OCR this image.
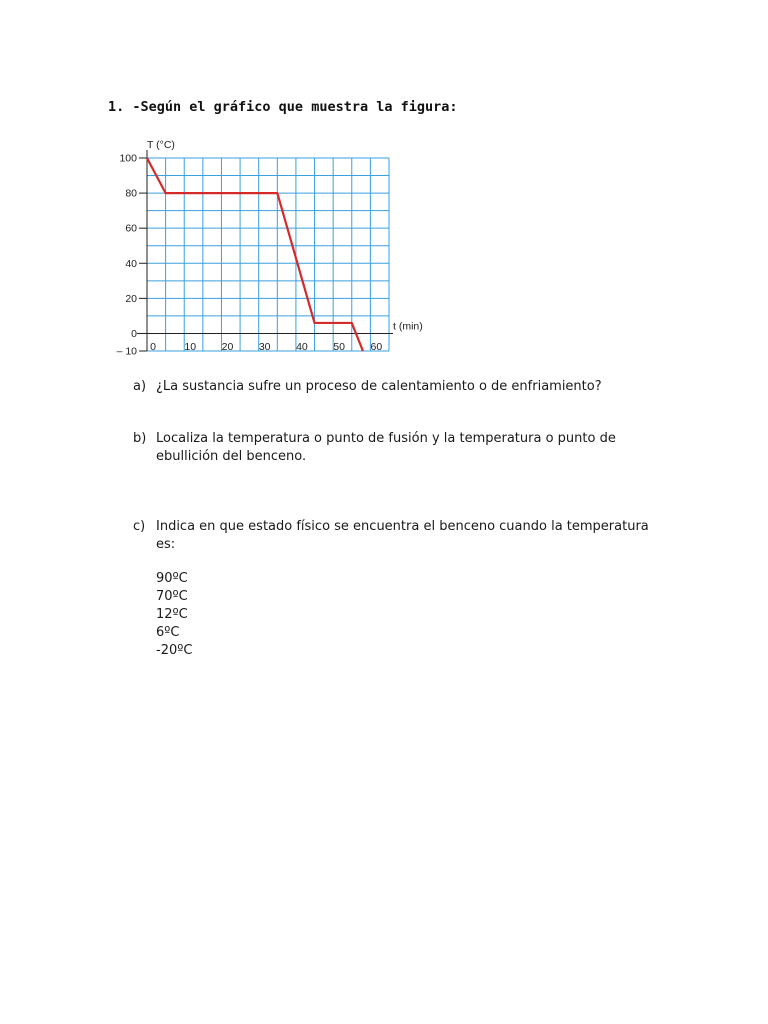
1. -Según el gráfico que muestra la figura:
100
80
60
40
20
0
– 10 0	10 20 30 40 50 60
T (°C)
t (min)
a) ¿La sustancia sufre un proceso de calentamiento o de enfriamiento?
b) Localiza la temperatura o punto de fusión y la temperatura o punto de ebullición del benceno.
c) Indica en que estado físico se encuentra el benceno cuando la temperatura es:
90ºC
70ºC
12ºC
6ºC
-20ºC
